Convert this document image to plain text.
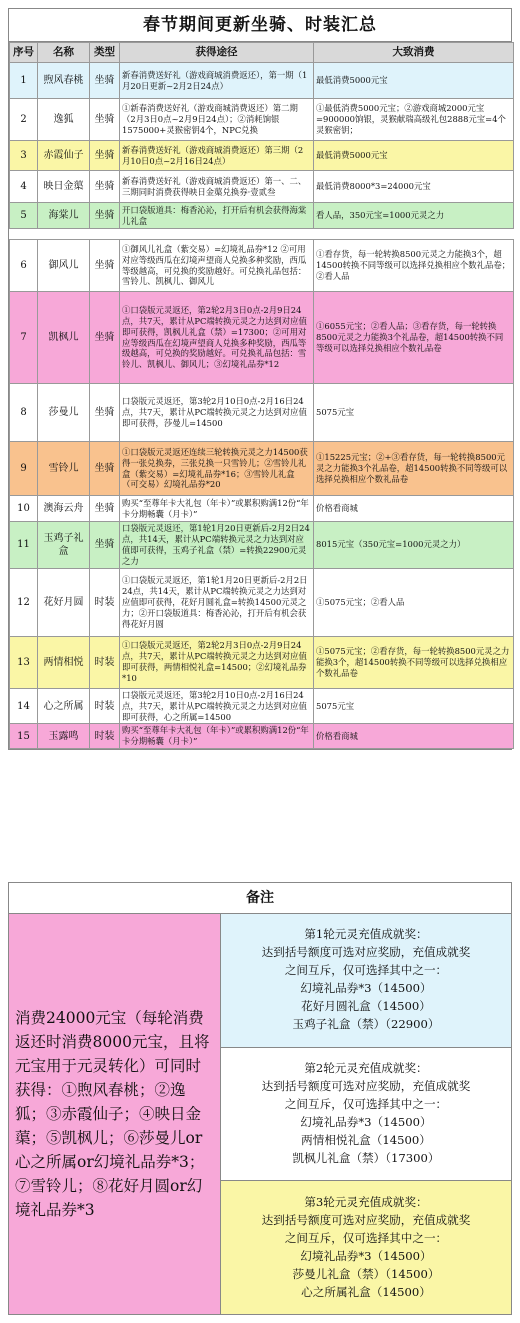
春节期间更新坐骑、时装汇总
序号	名称	类型	获得途径	大致消费
1	煦风春桃	坐骑	新春消费送好礼（游戏商城消费返还），第一期（1月20日更新~2月2日24点）	最低消费5000元宝
2	逸狐	坐骑	①新春消费送好礼（游戏商城消费返还）第二期（2月3日0点~2月9日24点）；②消耗饷银1575000+灵猴密钥4个，NPC兑换	①最低消费5000元宝；②游戏商城2000元宝=900000饷银，灵猴献瑞高级礼包2888元宝=4个灵猴密钥；
3	赤霞仙子	坐骑	新春消费送好礼（游戏商城消费返还）第三期（2月10日0点~2月16日24点）	最低消费5000元宝
4	映日金蕖	坐骑	新春消费送好礼（游戏商城消费返还）第一、二、三期同时消费获得映日金蕖兑换券·壹贰叁	最低消费8000*3=24000元宝
5	海棠儿	坐骑	开口袋版道具：梅香沁沁，打开后有机会获得海棠儿礼盒	看人品，350元宝=1000元灵之力

6	御风儿	坐骑	①御风儿礼盒（紫交易）=幻境礼品券*12 ②可用对应等级西瓜在幻境声望商人兑换多种奖励，西瓜等级越高，可兑换的奖励越好。可兑换礼品包括：雪铃儿、凯枫儿、御风儿	①看存货，每一轮转换8500元灵之力能换3个，超14500转换不同等级可以选择兑换相应个数礼品卷；②看人品
7	凯枫儿	坐骑	①口袋版元灵返还，第2轮2月3日0点-2月9日24点，共7天，累计从PC端转换元灵之力达到对应值即可获得，凯枫儿礼盒（禁）=17300；②可用对应等级西瓜在幻境声望商人兑换多种奖励，西瓜等级越高，可兑换的奖励越好。可兑换礼品包括：雪铃儿、凯枫儿、御风儿；③幻境礼品券*12	①6055元宝；②看人品；③看存货，每一轮转换8500元灵之力能换3个礼品卷，超14500转换不同等级可以选择兑换相应个数礼品卷
8	莎曼儿	坐骑	口袋版元灵返还，第3轮2月10日0点-2月16日24点，共7天，累计从PC端转换元灵之力达到对应值即可获得，莎曼儿=14500	5075元宝
9	雪铃儿	坐骑	①口袋版元灵返还连续三轮转换元灵之力14500获得一张兑换券，三张兑换一只雪铃儿；②雪铃儿礼盒（紫交易）=幻境礼品券*16；③雪铃儿礼盒（可交易）幻境礼品券*20	①15225元宝；②+③看存货，每一轮转换8500元灵之力能换3个礼品卷，超14500转换不同等级可以选择兑换相应个数礼品卷
10	澳海云舟	坐骑	购买“至尊年卡大礼包（年卡）”或累积购满12份“年卡分期畅囊（月卡）”	价格看商城
11	玉鸡子礼盒	坐骑	口袋版元灵返还，第1轮1月20日更新后-2月2日24点，共14天，累计从PC端转换元灵之力达到对应值即可获得，玉鸡子礼盒（禁）=转换22900元灵之力	8015元宝（350元宝=1000元灵之力）
12	花好月圆	时装	①口袋版元灵返还，第1轮1月20日更新后-2月2日24点，共14天，累计从PC端转换元灵之力达到对应值即可获得，花好月圆礼盒=转换14500元灵之力；②开口袋版道具：梅香沁沁，打开后有机会获得花好月圆	①5075元宝；②看人品
13	两情相悦	时装	①口袋版元灵返还，第2轮2月3日0点-2月9日24点，共7天，累计从PC端转换元灵之力达到对应值即可获得，两情相悦礼盒=14500；②幻境礼品券*10	①5075元宝；②看存货，每一轮转换8500元灵之力能换3个，超14500转换不同等级可以选择兑换相应个数礼品卷
14	心之所属	时装	口袋版元灵返还，第3轮2月10日0点-2月16日24点，共7天，累计从PC端转换元灵之力达到对应值即可获得，心之所属=14500	5075元宝
15	玉露鸣	时装	购买“至尊年卡大礼包（年卡）”或累积购满12份“年卡分期畅囊（月卡）”	价格看商城
备注
消费24000元宝（每轮消费返还时消费8000元宝，且将元宝用于元灵转化）可同时获得：①煦风春桃；②逸狐；③赤霞仙子；④映日金蕖；⑤凯枫儿；⑥莎曼儿or心之所属or幻境礼品券*3；⑦雪铃儿；⑧花好月圆or幻境礼品券*3
第1轮元灵充值成就奖：
达到括号额度可选对应奖励，充值成就奖
之间互斥，仅可选择其中之一：
幻境礼品券*3（14500）
花好月圆礼盒（14500）
玉鸡子礼盒（禁）（22900）
第2轮元灵充值成就奖：
达到括号额度可选对应奖励，充值成就奖
之间互斥，仅可选择其中之一：
幻境礼品券*3（14500）
两情相悦礼盒（14500）
凯枫儿礼盒（禁）（17300）
第3轮元灵充值成就奖：
达到括号额度可选对应奖励，充值成就奖
之间互斥，仅可选择其中之一：
幻境礼品券*3（14500）
莎曼儿礼盒（禁）（14500）
心之所属礼盒（14500）
